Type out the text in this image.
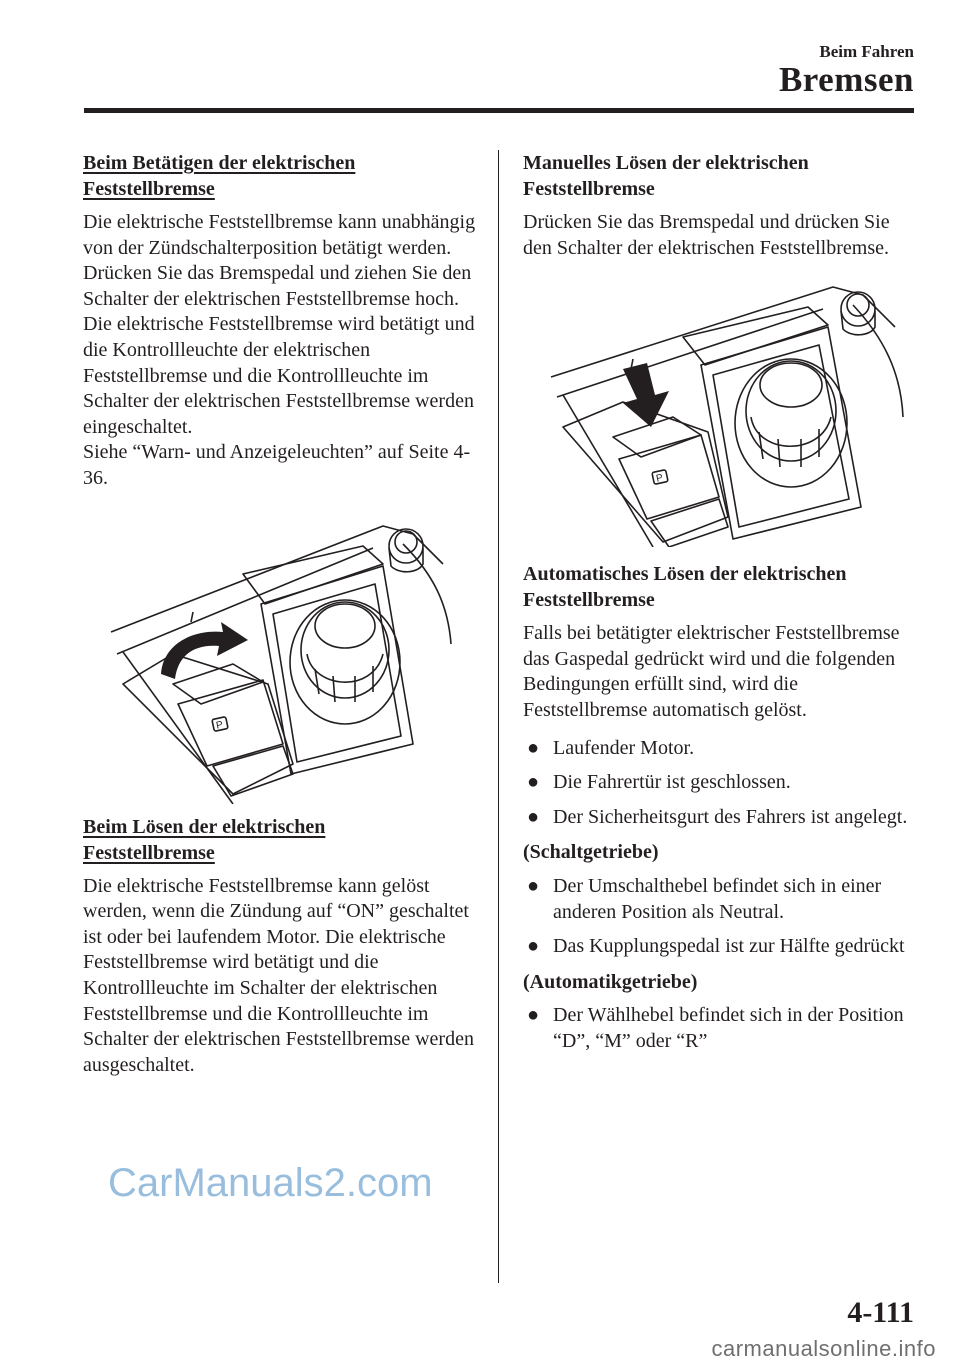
Beim Fahren
Bremsen
Beim Betätigen der elektrischen
Feststellbremse

Die elektrische Feststellbremse kann unabhängig von der Zündschalterposition betätigt werden.

Drücken Sie das Bremspedal und ziehen Sie den Schalter der elektrischen Feststellbremse hoch.

Die elektrische Feststellbremse wird betätigt und die Kontrollleuchte der elektrischen Feststellbremse und die Kontrollleuchte im Schalter der elektrischen Feststellbremse werden eingeschaltet.

Siehe “Warn- und Anzeigeleuchten” auf Seite 4-36.

P
Beim Lösen der elektrischen
Feststellbremse

Die elektrische Feststellbremse kann gelöst werden, wenn die Zündung auf “ON” geschaltet ist oder bei laufendem Motor. Die elektrische Feststellbremse wird betätigt und die Kontrollleuchte im Schalter der elektrischen Feststellbremse und die Kontrollleuchte im Schalter der elektrischen Feststellbremse werden ausgeschaltet.

Manuelles Lösen der elektrischen
Feststellbremse

Drücken Sie das Bremspedal und drücken Sie den Schalter der elektrischen Feststellbremse.

P
Automatisches Lösen der elektrischen
Feststellbremse

Falls bei betätigter elektrischer Feststellbremse das Gaspedal gedrückt wird und die folgenden Bedingungen erfüllt sind, wird die Feststellbremse automatisch gelöst.

● Laufender Motor.
● Die Fahrertür ist geschlossen.
● Der Sicherheitsgurt des Fahrers ist angelegt.

(Schaltgetriebe)

● Der Umschalthebel befindet sich in einer anderen Position als Neutral.
● Das Kupplungspedal ist zur Hälfte gedrückt

(Automatikgetriebe)

● Der Wählhebel befindet sich in der Position “D”, “M” oder “R”
CarManuals2.com
4-111
carmanualsonline.info
